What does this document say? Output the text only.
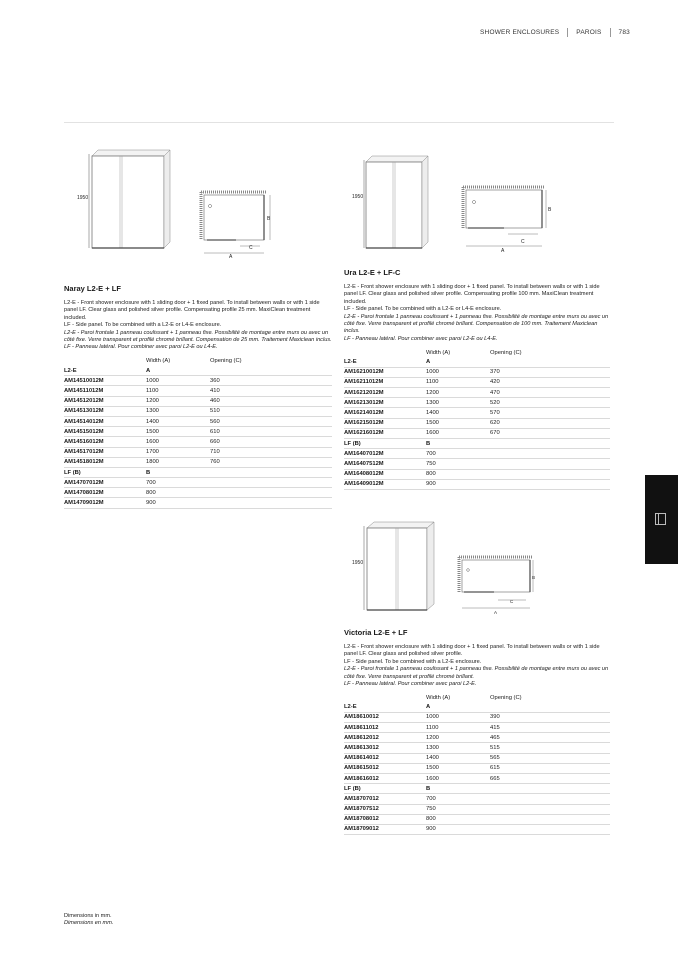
SHOWER ENCLOSURES	PAROIS	783
1950
B
C
A
Naray L2-E + LF

L2-E - Front shower enclosure with 1 sliding door + 1 fixed panel. To install between walls or with 1 side panel LF. Clear glass and polished silver profile. Compensating profile 25 mm. MaxiClean treatment included.

LF - Side panel. To be combined with a L2-E or L4-E enclosure.

L2-E - Paroi frontale 1 panneau coulissant + 1 panneau fixe. Possibilité de montage entre murs ou avec un côté fixe. Verre transparent et profilé chromé brillant. Compensation de 25 mm. Traitement Maxiclean inclus.

LF - Panneau latéral. Pour combiner avec paroi L2-E ou L4-E.

	Width (A)	Opening (C)
L2-E	A	
AM14510012M	1000	360
AM14511012M	1100	410
AM14512012M	1200	460
AM14513012M	1300	510
AM14514012M	1400	560
AM14515012M	1500	610
AM14516012M	1600	660
AM14517012M	1700	710
AM14518012M	1800	760
LF (B)	B	
AM14707012M	700	
AM14708012M	800	
AM14709012M	900	
1950
B
C
A
Ura L2-E + LF-C

L2-E - Front shower enclosure with 1 sliding door + 1 fixed panel. To install between walls or with 1 side panel LF. Clear glass and polished silver profile. Compensating profile 100 mm. MaxiClean treatment included.

LF - Side panel. To be combined with a L2-E or L4-E enclosure.

L2-E - Paroi frontale 1 panneau coulissant + 1 panneau fixe. Possibilité de montage entre murs ou avec un côté fixe. Verre transparent et profilé chromé brillant. Compensation de 100 mm. Traitement Maxiclean inclus.

LF - Panneau latéral. Pour combiner avec paroi L2-E ou L4-E.

	Width (A)	Opening (C)
L2-E	A	
AM16210012M	1000	370
AM16211012M	1100	420
AM16212012M	1200	470
AM16213012M	1300	520
AM16214012M	1400	570
AM16215012M	1500	620
AM16216012M	1600	670
LF (B)	B	
AM16407012M	700	
AM16407512M	750	
AM16408012M	800	
AM16409012M	900	
1950
B
C
A
Victoria L2-E + LF

L2-E - Front shower enclosure with 1 sliding door + 1 fixed panel. To install between walls or with 1 side panel LF. Clear glass and polished silver profile.

LF - Side panel. To be combined with a L2-E enclosure.

L2-E - Paroi frontale 1 panneau coulissant + 1 panneau fixe. Possibilité de montage entre murs ou avec un côté fixe. Verre transparent et profilé chromé brillant.

LF - Panneau latéral. Pour combiner avec paroi L2-E.

	Width (A)	Opening (C)
L2-E	A	
AM18610012	1000	390
AM18611012	1100	415
AM18612012	1200	465
AM18613012	1300	515
AM18614012	1400	565
AM18615012	1500	615
AM18616012	1600	665
LF (B)	B	
AM18707012	700	
AM18707512	750	
AM18708012	800	
AM18709012	900	
Dimensions in mm.
Dimensions en mm.
